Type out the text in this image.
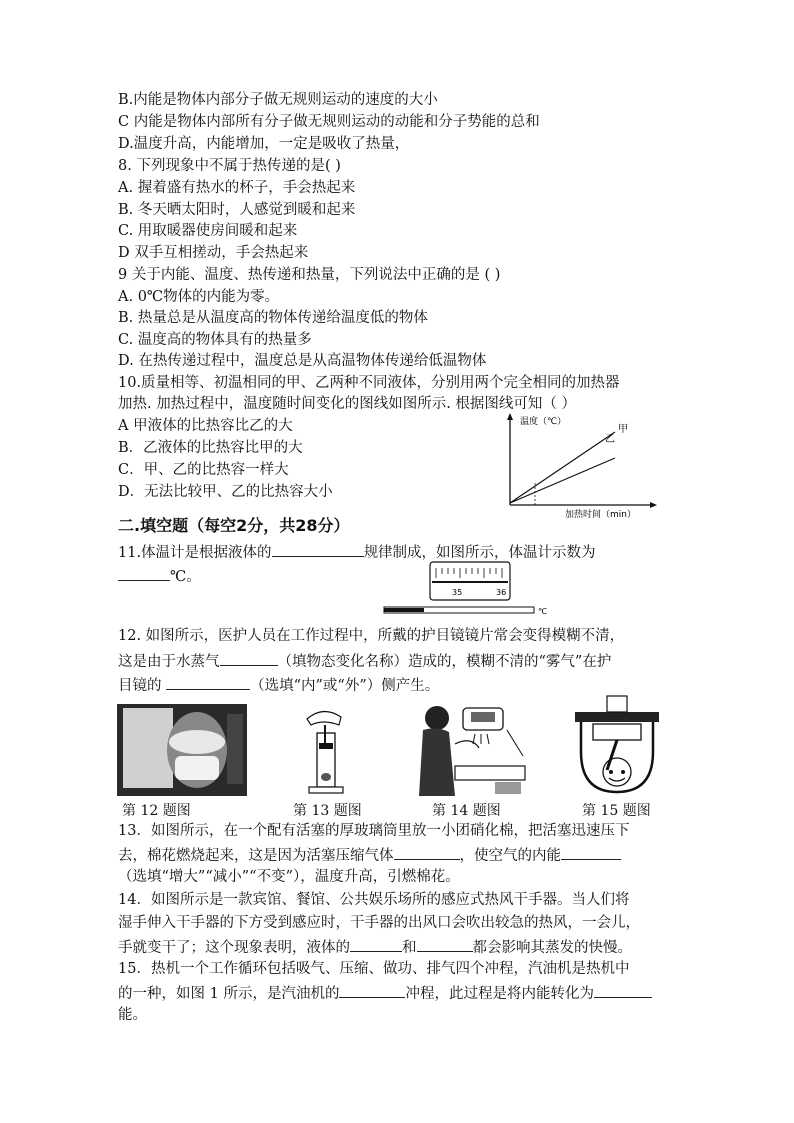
B.内能是物体内部分子做无规则运动的速度的大小
C 内能是物体内部所有分子做无规则运动的动能和分子势能的总和
D.温度升高，内能增加，一定是吸收了热量，
8. 下列现象中不属于热传递的是( )
A. 握着盛有热水的杯子，手会热起来
B. 冬天晒太阳时，人感觉到暖和起来
C. 用取暖器使房间暖和起来
D 双手互相搓动，手会热起来
9 关于内能、温度、热传递和热量，下列说法中正确的是 ( )
A. 0℃物体的内能为零。
B. 热量总是从温度高的物体传递给温度低的物体
C. 温度高的物体具有的热量多
D. 在热传递过程中，温度总是从高温物体传递给低温物体
10.质量相等、初温相同的甲、乙两种不同液体，分别用两个完全相同的加热器
加热. 加热过程中，温度随时间变化的图线如图所示. 根据图线可知（ ）
A 甲液体的比热容比乙的大
B．乙液体的比热容比甲的大
C．甲、乙的比热容一样大
D．无法比较甲、乙的比热容大小
温度（℃）
甲
乙
加热时间（min）
二.填空题（每空2分，共28分）
11.体温计是根据液体的	规律制成，如图所示，体温计示数为
℃。
35	36
℃
12. 如图所示，医护人员在工作过程中，所戴的护目镜镜片常会变得模糊不清，
这是由于水蒸气	（填物态变化名称）造成的，模糊不清的“雾气”在护
目镜的	（选填“内”或“外”）侧产生。
第 12 题图	第 13 题图	第 14 题图	第 15 题图
13．如图所示，在一个配有活塞的厚玻璃筒里放一小团硝化棉，把活塞迅速压下
去，棉花燃烧起来，这是因为活塞压缩气体	，使空气的内能
（选填“增大”“减小”“不变”），温度升高，引燃棉花。
14．如图所示是一款宾馆、餐馆、公共娱乐场所的感应式热风干手器。当人们将
湿手伸入干手器的下方受到感应时，干手器的出风口会吹出较急的热风，一会儿，
手就变干了；这个现象表明，液体的	和	都会影响其蒸发的快慢。
15．热机一个工作循环包括吸气、压缩、做功、排气四个冲程，汽油机是热机中
的一种，如图 1 所示，是汽油机的	冲程，此过程是将内能转化为
能。
